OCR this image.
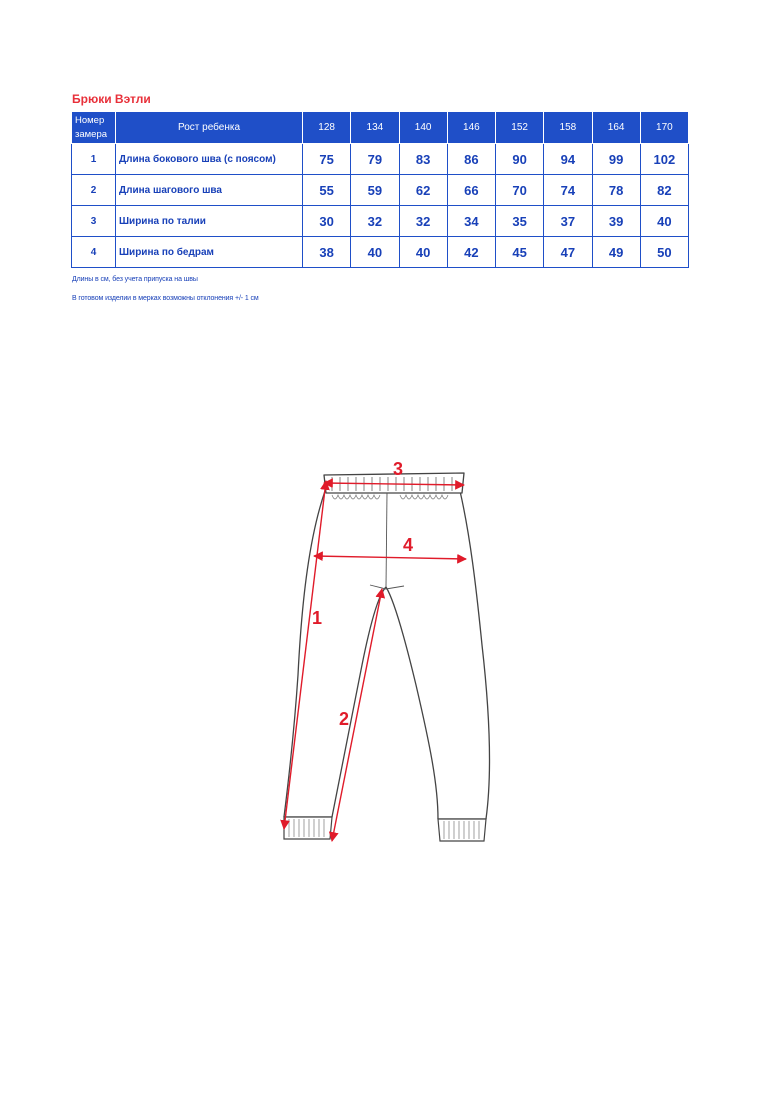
Брюки Вэтли
Номер замера	Рост ребенка	128	134	140	146	152	158	164	170
1	Длина бокового шва (с поясом)	75	79	83	86	90	94	99	102
2	Длина шагового шва	55	59	62	66	70	74	78	82
3	Ширина по талии	30	32	32	34	35	37	39	40
4	Ширина по бедрам	38	40	40	42	45	47	49	50
Длины в см, без учета припуска на швы
В готовом изделии в мерках возможны отклонения +/- 1 см
3
4
1
2
